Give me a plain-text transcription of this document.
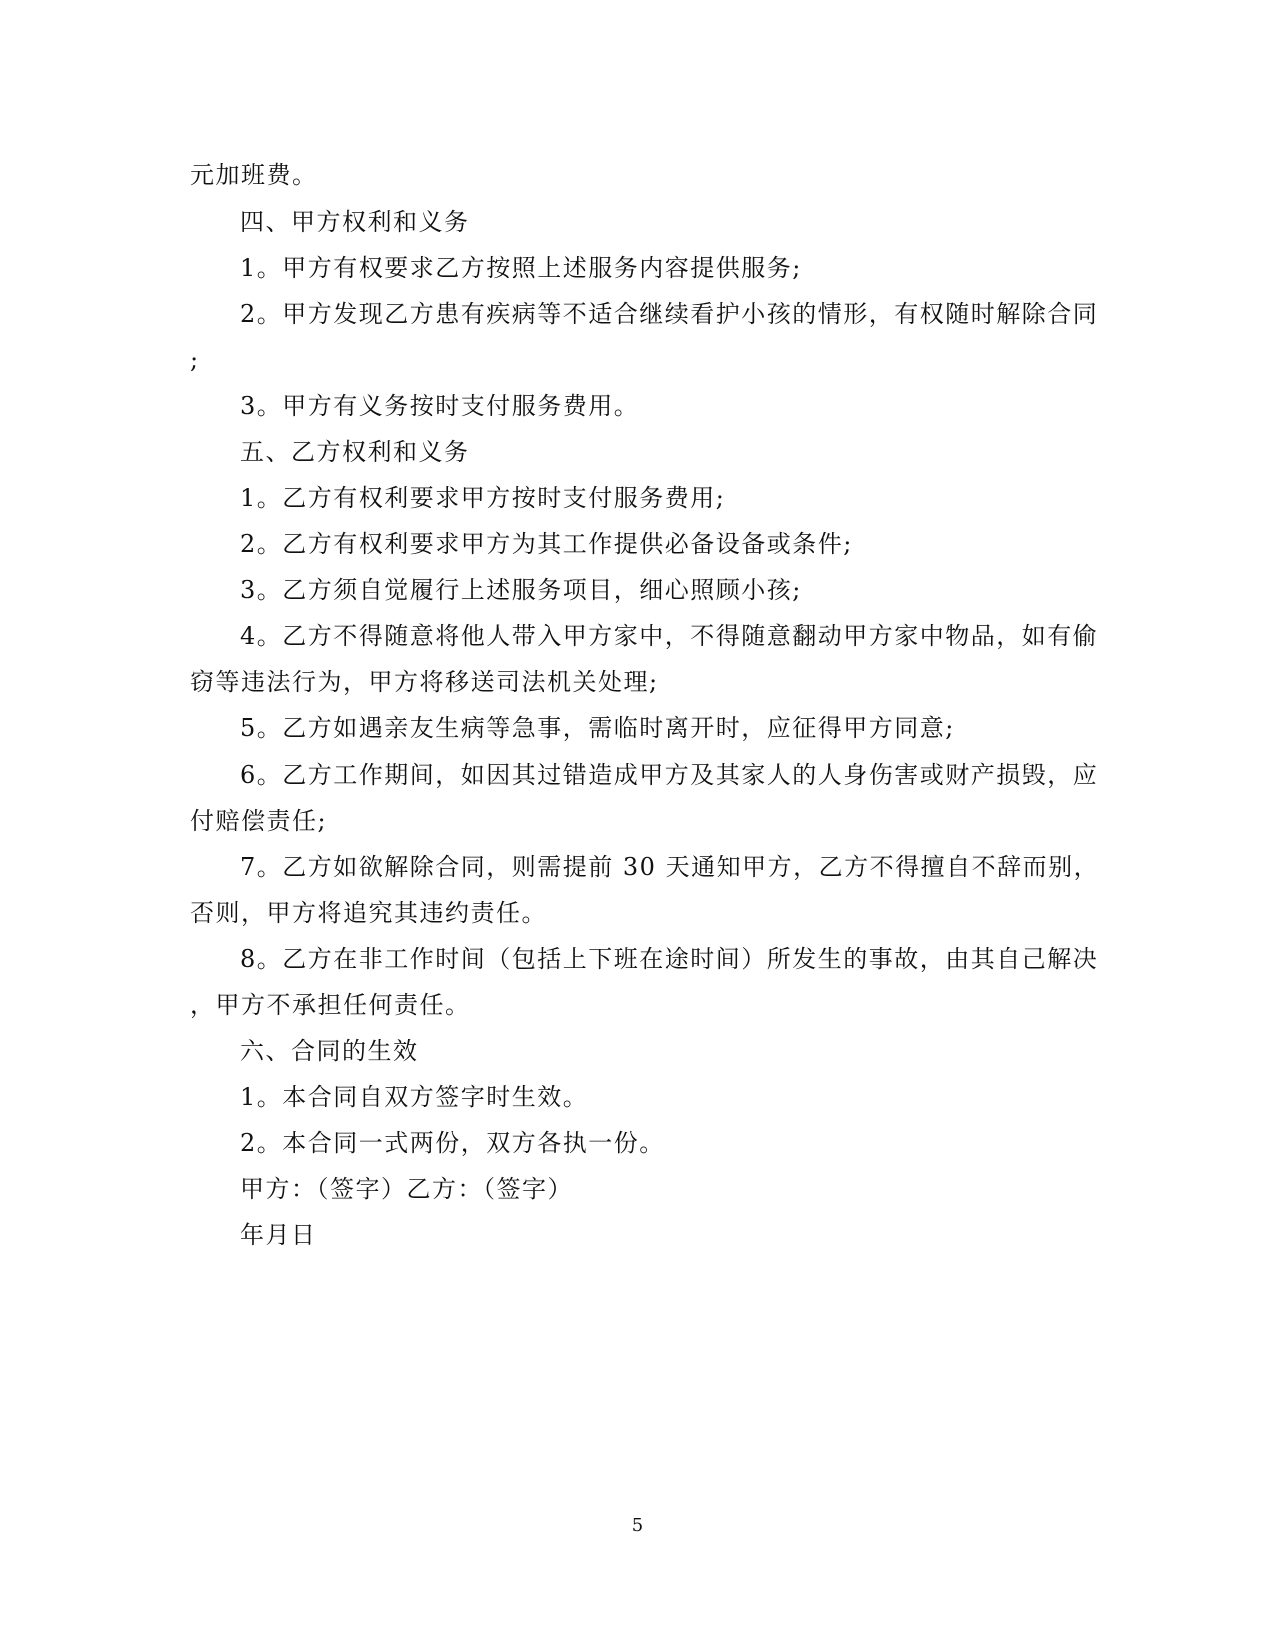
元加班费。
四、甲方权利和义务
1。甲方有权要求乙方按照上述服务内容提供服务;
2。甲方发现乙方患有疾病等不适合继续看护小孩的情形，有权随时解除合同
;
3。甲方有义务按时支付服务费用。
五、乙方权利和义务
1。乙方有权利要求甲方按时支付服务费用;
2。乙方有权利要求甲方为其工作提供必备设备或条件;
3。乙方须自觉履行上述服务项目，细心照顾小孩;
4。乙方不得随意将他人带入甲方家中，不得随意翻动甲方家中物品，如有偷
窃等违法行为，甲方将移送司法机关处理;
5。乙方如遇亲友生病等急事，需临时离开时，应征得甲方同意;
6。乙方工作期间，如因其过错造成甲方及其家人的人身伤害或财产损毁，应
付赔偿责任;
7。乙方如欲解除合同，则需提前 30 天通知甲方，乙方不得擅自不辞而别，
否则，甲方将追究其违约责任。
8。乙方在非工作时间（包括上下班在途时间）所发生的事故，由其自己解决
，甲方不承担任何责任。
六、合同的生效
1。本合同自双方签字时生效。
2。本合同一式两份，双方各执一份。
甲方：（签字）乙方：（签字）
年月日
5
